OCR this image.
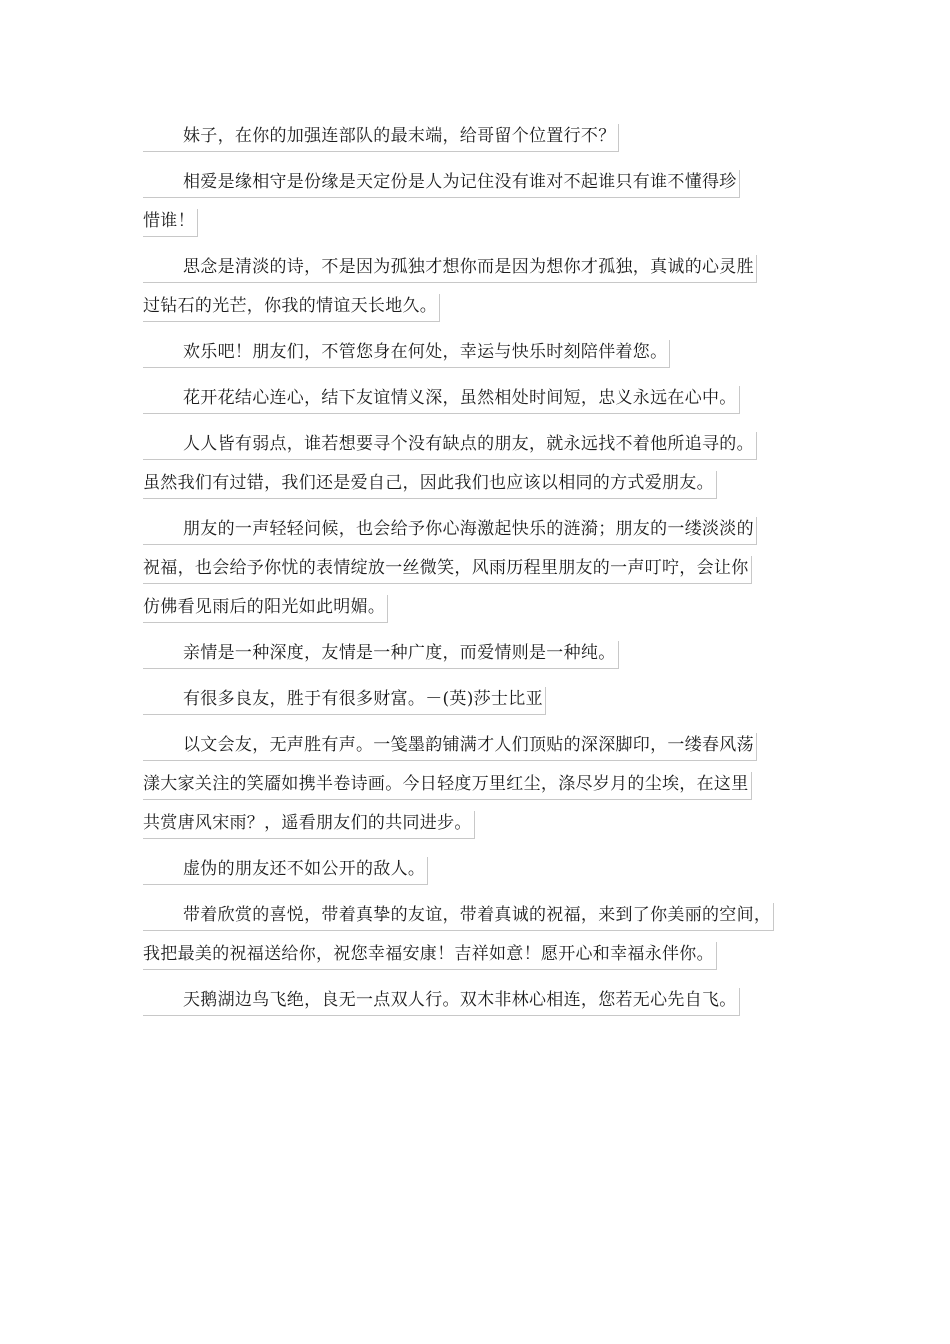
妹子，在你的加强连部队的最末端，给哥留个位置行不？
相爱是缘相守是份缘是天定份是人为记住没有谁对不起谁只有谁不懂得珍
惜谁！
思念是清淡的诗，不是因为孤独才想你而是因为想你才孤独，真诚的心灵胜
过钻石的光芒，你我的情谊天长地久。
欢乐吧！朋友们，不管您身在何处，幸运与快乐时刻陪伴着您。
花开花结心连心，结下友谊情义深，虽然相处时间短，忠义永远在心中。
人人皆有弱点，谁若想要寻个没有缺点的朋友，就永远找不着他所追寻的。
虽然我们有过错，我们还是爱自己，因此我们也应该以相同的方式爱朋友。
朋友的一声轻轻问候，也会给予你心海激起快乐的涟漪；朋友的一缕淡淡的
祝福，也会给予你忧的表情绽放一丝微笑，风雨历程里朋友的一声叮咛，会让你
仿佛看见雨后的阳光如此明媚。
亲情是一种深度，友情是一种广度，而爱情则是一种纯。
有很多良友，胜于有很多财富。－(英)莎士比亚
以文会友，无声胜有声。一笺墨韵铺满才人们顶贴的深深脚印，一缕春风荡
漾大家关注的笑靥如携半卷诗画。今日轻度万里红尘，涤尽岁月的尘埃，在这里
共赏唐风宋雨？，遥看朋友们的共同进步。
虚伪的朋友还不如公开的敌人。
带着欣赏的喜悦，带着真挚的友谊，带着真诚的祝福，来到了你美丽的空间，
我把最美的祝福送给你，祝您幸福安康！吉祥如意！愿开心和幸福永伴你。
天鹅湖边鸟飞绝，良无一点双人行。双木非林心相连，您若无心先自飞。
